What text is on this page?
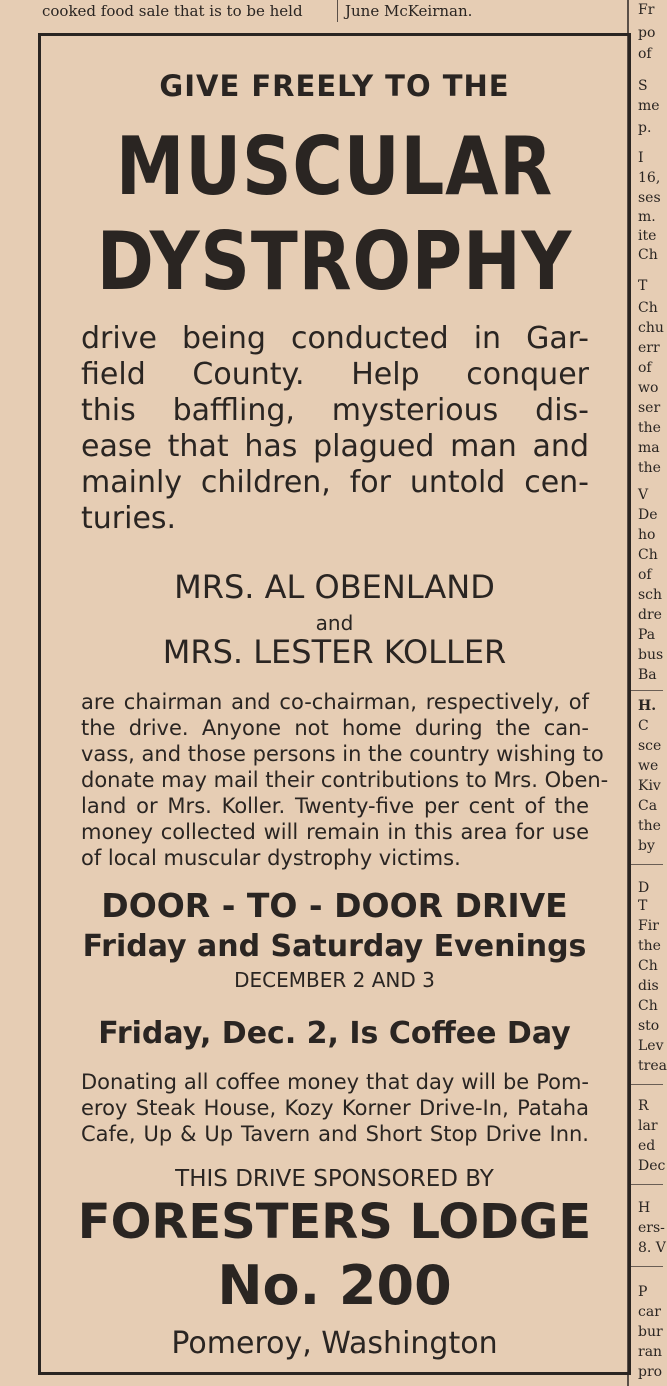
cooked food sale that is to be held	June McKeirnan.	Fr
po
of
S
me
p.
I
16,
ses
m.
ite
Ch
T
Ch
chu
err
of
wo
ser
the
ma
the
V
De
ho
Ch
of
sch
dre
Pa
bus
Ba
H.
C
sce
we
Kiv
Ca
the
by
D
T
Fir
the
Ch
dis
Ch
sto
Lev
trea
R
lar
ed
Dec
H
ers-
8. V
P
car
bur
ran
pro
GIVE FREELY TO THE
MUSCULAR
DYSTROPHY
drive being conducted in Gar-
field County. Help conquer
this baffling, mysterious dis-
ease that has plagued man and
mainly children, for untold cen-
turies.
MRS. AL OBENLAND
and
MRS. LESTER KOLLER
are chairman and co-chairman, respectively, of
the drive. Anyone not home during the can-
vass, and those persons in the country wishing to
donate may mail their contributions to Mrs. Oben-
land or Mrs. Koller. Twenty-five per cent of the
money collected will remain in this area for use
of local muscular dystrophy victims.
DOOR - TO - DOOR DRIVE
Friday and Saturday Evenings
DECEMBER 2 AND 3
Friday, Dec. 2, Is Coffee Day
Donating all coffee money that day will be Pom-
eroy Steak House, Kozy Korner Drive-In, Pataha
Cafe, Up & Up Tavern and Short Stop Drive Inn.
THIS DRIVE SPONSORED BY
FORESTERS LODGE
No. 200
Pomeroy, Washington
